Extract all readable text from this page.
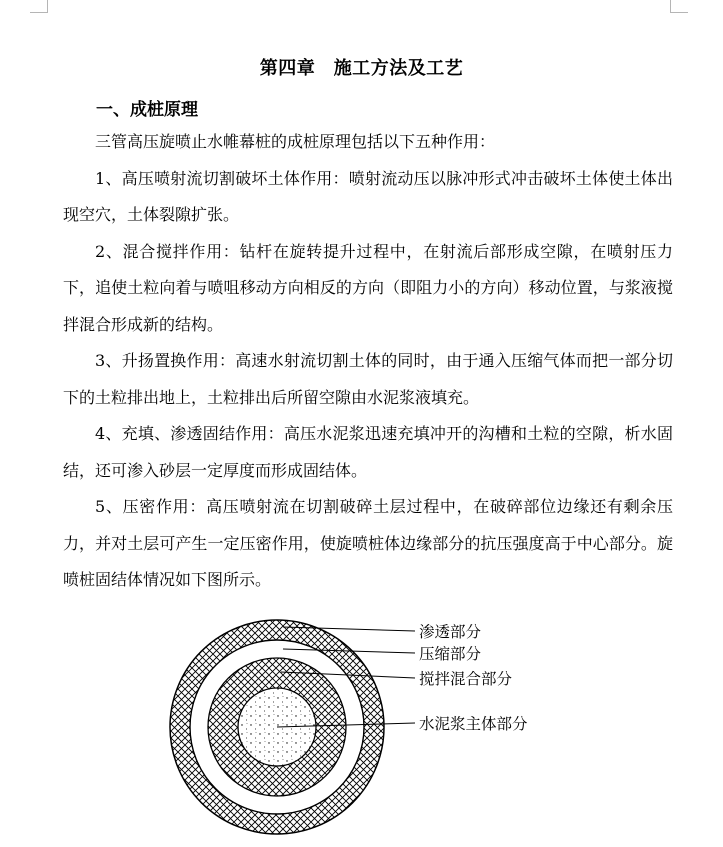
第四章　施工方法及工艺
一、成桩原理

三管高压旋喷止水帷幕桩的成桩原理包括以下五种作用：

1、高压喷射流切割破坏土体作用：喷射流动压以脉冲形式冲击破坏土体使土体出现空穴，土体裂隙扩张。

2、混合搅拌作用：钻杆在旋转提升过程中，在射流后部形成空隙，在喷射压力下，追使土粒向着与喷咀移动方向相反的方向（即阻力小的方向）移动位置，与浆液搅拌混合形成新的结构。

3、升扬置换作用：高速水射流切割土体的同时，由于通入压缩气体而把一部分切下的土粒排出地上，土粒排出后所留空隙由水泥浆液填充。

4、充填、渗透固结作用：高压水泥浆迅速充填冲开的沟槽和土粒的空隙，析水固结，还可渗入砂层一定厚度而形成固结体。

5、压密作用：高压喷射流在切割破碎土层过程中，在破碎部位边缘还有剩余压力，并对土层可产生一定压密作用，使旋喷桩体边缘部分的抗压强度高于中心部分。旋喷桩固结体情况如下图所示。

渗透部分
压缩部分
搅拌混合部分
水泥浆主体部分
